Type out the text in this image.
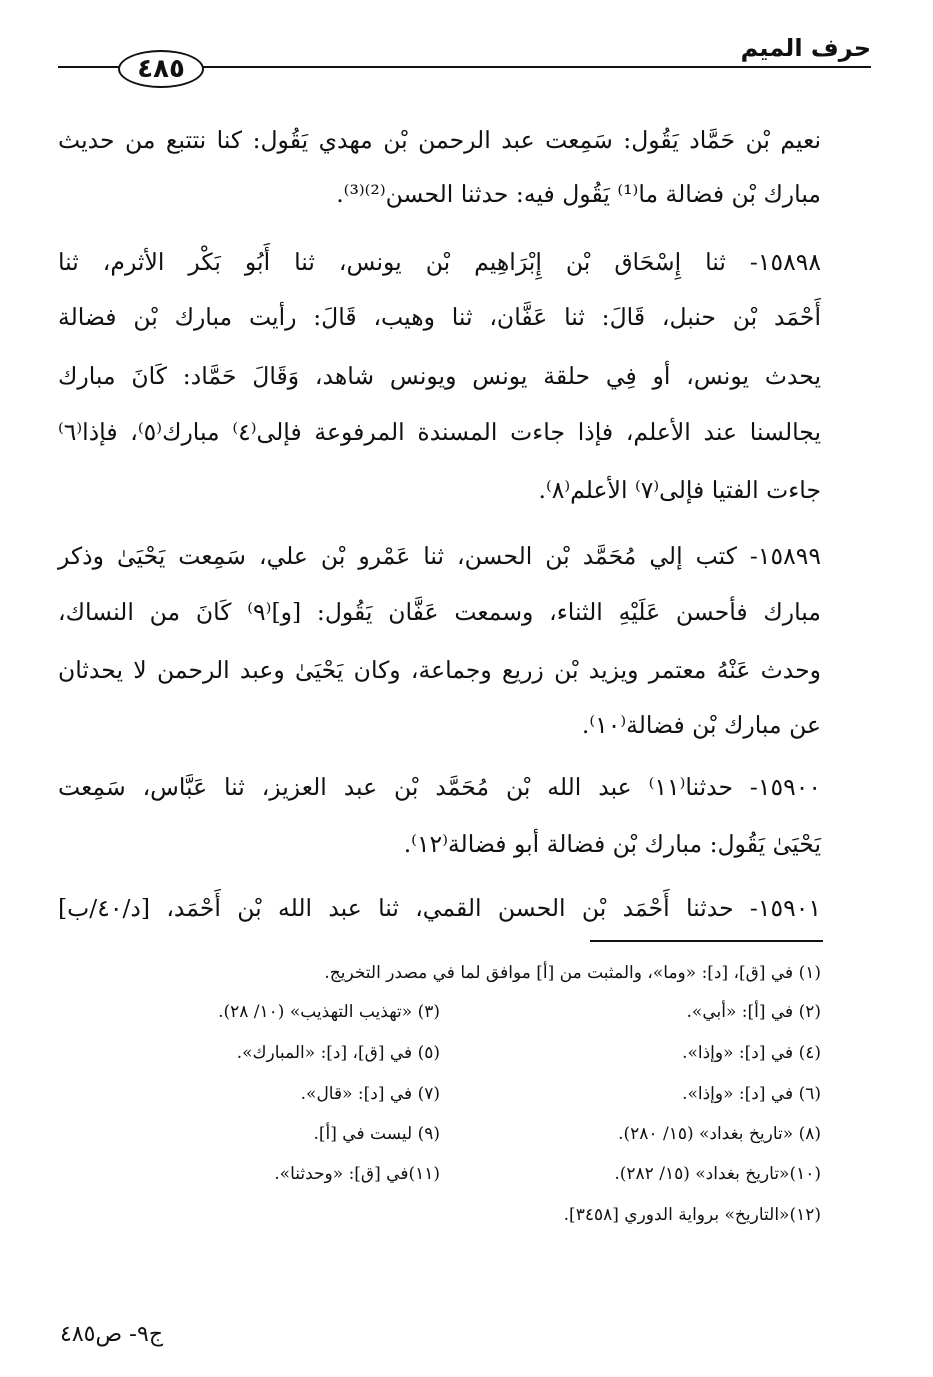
حرف الميم
٤٨٥
نعيم بْن حَمَّاد يَقُول: سَمِعت عبد الرحمن بْن مهدي يَقُول: كنا نتتبع من حديث
مبارك بْن فضالة ما⁽¹⁾ يَقُول فيه: حدثنا الحسن⁽²⁾⁽³⁾.
١٥٨٩٨- ثنا إِسْحَاق بْن إِبْرَاهِيم بْن يونس، ثنا أَبُو بَكْر الأثرم، ثنا
أَحْمَد بْن حنبل، قَالَ: ثنا عَفَّان، ثنا وهيب، قَالَ: رأيت مبارك بْن فضالة
يحدث يونس، أو فِي حلقة يونس ويونس شاهد، وَقَالَ حَمَّاد: كَانَ مبارك
يجالسنا عند الأعلم، فإذا جاءت المسندة المرفوعة فإلى⁽٤⁾ مبارك⁽٥⁾، فإذا⁽٦⁾
جاءت الفتيا فإلى⁽٧⁾ الأعلم⁽٨⁾.
١٥٨٩٩- كتب إلي مُحَمَّد بْن الحسن، ثنا عَمْرو بْن علي، سَمِعت يَحْيَىٰ وذكر
مبارك فأحسن عَلَيْهِ الثناء، وسمعت عَفَّان يَقُول: [و]⁽٩⁾ كَانَ من النساك،
وحدث عَنْهُ معتمر ويزيد بْن زريع وجماعة، وكان يَحْيَىٰ وعبد الرحمن لا يحدثان
عن مبارك بْن فضالة⁽١٠⁾.
١٥٩٠٠- حدثنا⁽١١⁾ عبد الله بْن مُحَمَّد بْن عبد العزيز، ثنا عَبَّاس، سَمِعت
يَحْيَىٰ يَقُول: مبارك بْن فضالة أبو فضالة⁽١٢⁾.
١٥٩٠١- حدثنا أَحْمَد بْن الحسن القمي، ثنا عبد الله بْن أَحْمَد، [د/٤٠/ب]
(١) في [ق]، [د]: «وما»، والمثبت من [أ] موافق لما في مصدر التخريج.
(٢) في [أ]: «أبي».
(٣) «تهذيب التهذيب» (١٠/ ٢٨).
(٤) في [د]: «وإذا».
(٥) في [ق]، [د]: «المبارك».
(٦) في [د]: «وإذا».
(٧) في [د]: «قال».
(٨) «تاريخ بغداد» (١٥/ ٢٨٠).
(٩) ليست في [أ].
(١٠)«تاريخ بغداد» (١٥/ ٢٨٢).
(١١)في [ق]: «وحدثنا».
(١٢)«التاريخ» برواية الدوري [٣٤٥٨].
ج٩- ص٤٨٥
